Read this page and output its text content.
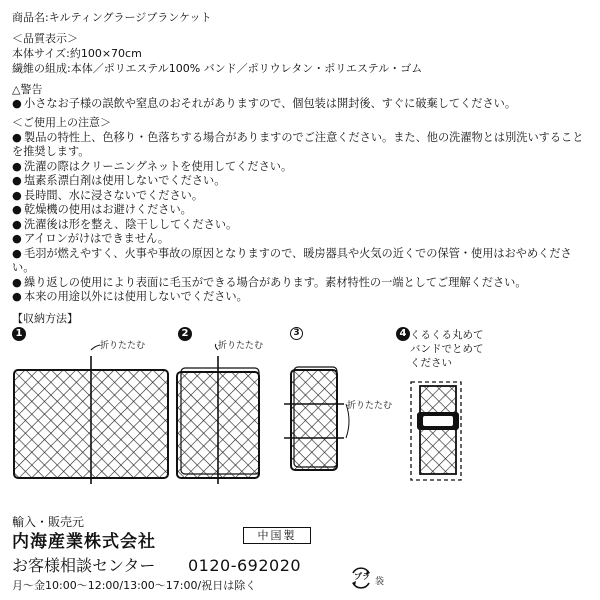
商品名:キルティングラージブランケット
＜品質表示＞
本体サイズ:約100×70cm
繊維の組成:本体／ポリエステル100% バンド／ポリウレタン・ポリエステル・ゴム
△警告
● 小さなお子様の誤飲や窒息のおそれがありますので、個包装は開封後、すぐに破棄してください。
＜ご使用上の注意＞
● 製品の特性上、色移り・色落ちする場合がありますのでご注意ください。また、他の洗濯物とは別洗いすることを推奨します。
● 洗濯の際はクリーニングネットを使用してください。
● 塩素系漂白剤は使用しないでください。
● 長時間、水に浸さないでください。
● 乾燥機の使用はお避けください。
● 洗濯後は形を整え、陰干ししてください。
● アイロンがけはできません。
● 毛羽が燃えやすく、火事や事故の原因となりますので、暖房器具や火気の近くでの保管・使用はおやめください。
● 繰り返しの使用により表面に毛玉ができる場合があります。素材特性の一端としてご理解ください。
● 本来の用途以外には使用しないでください。
【収納方法】
1	2	3	4
折りたたむ	折りたたむ
折りたたむ
くるくる丸めて
バンドでとめて
ください
輸入・販売元
内海産業株式会社	中国製
お客様相談センター 0120-692020
月〜金10:00〜12:00/13:00〜17:00/祝日は除く
プラ
袋
